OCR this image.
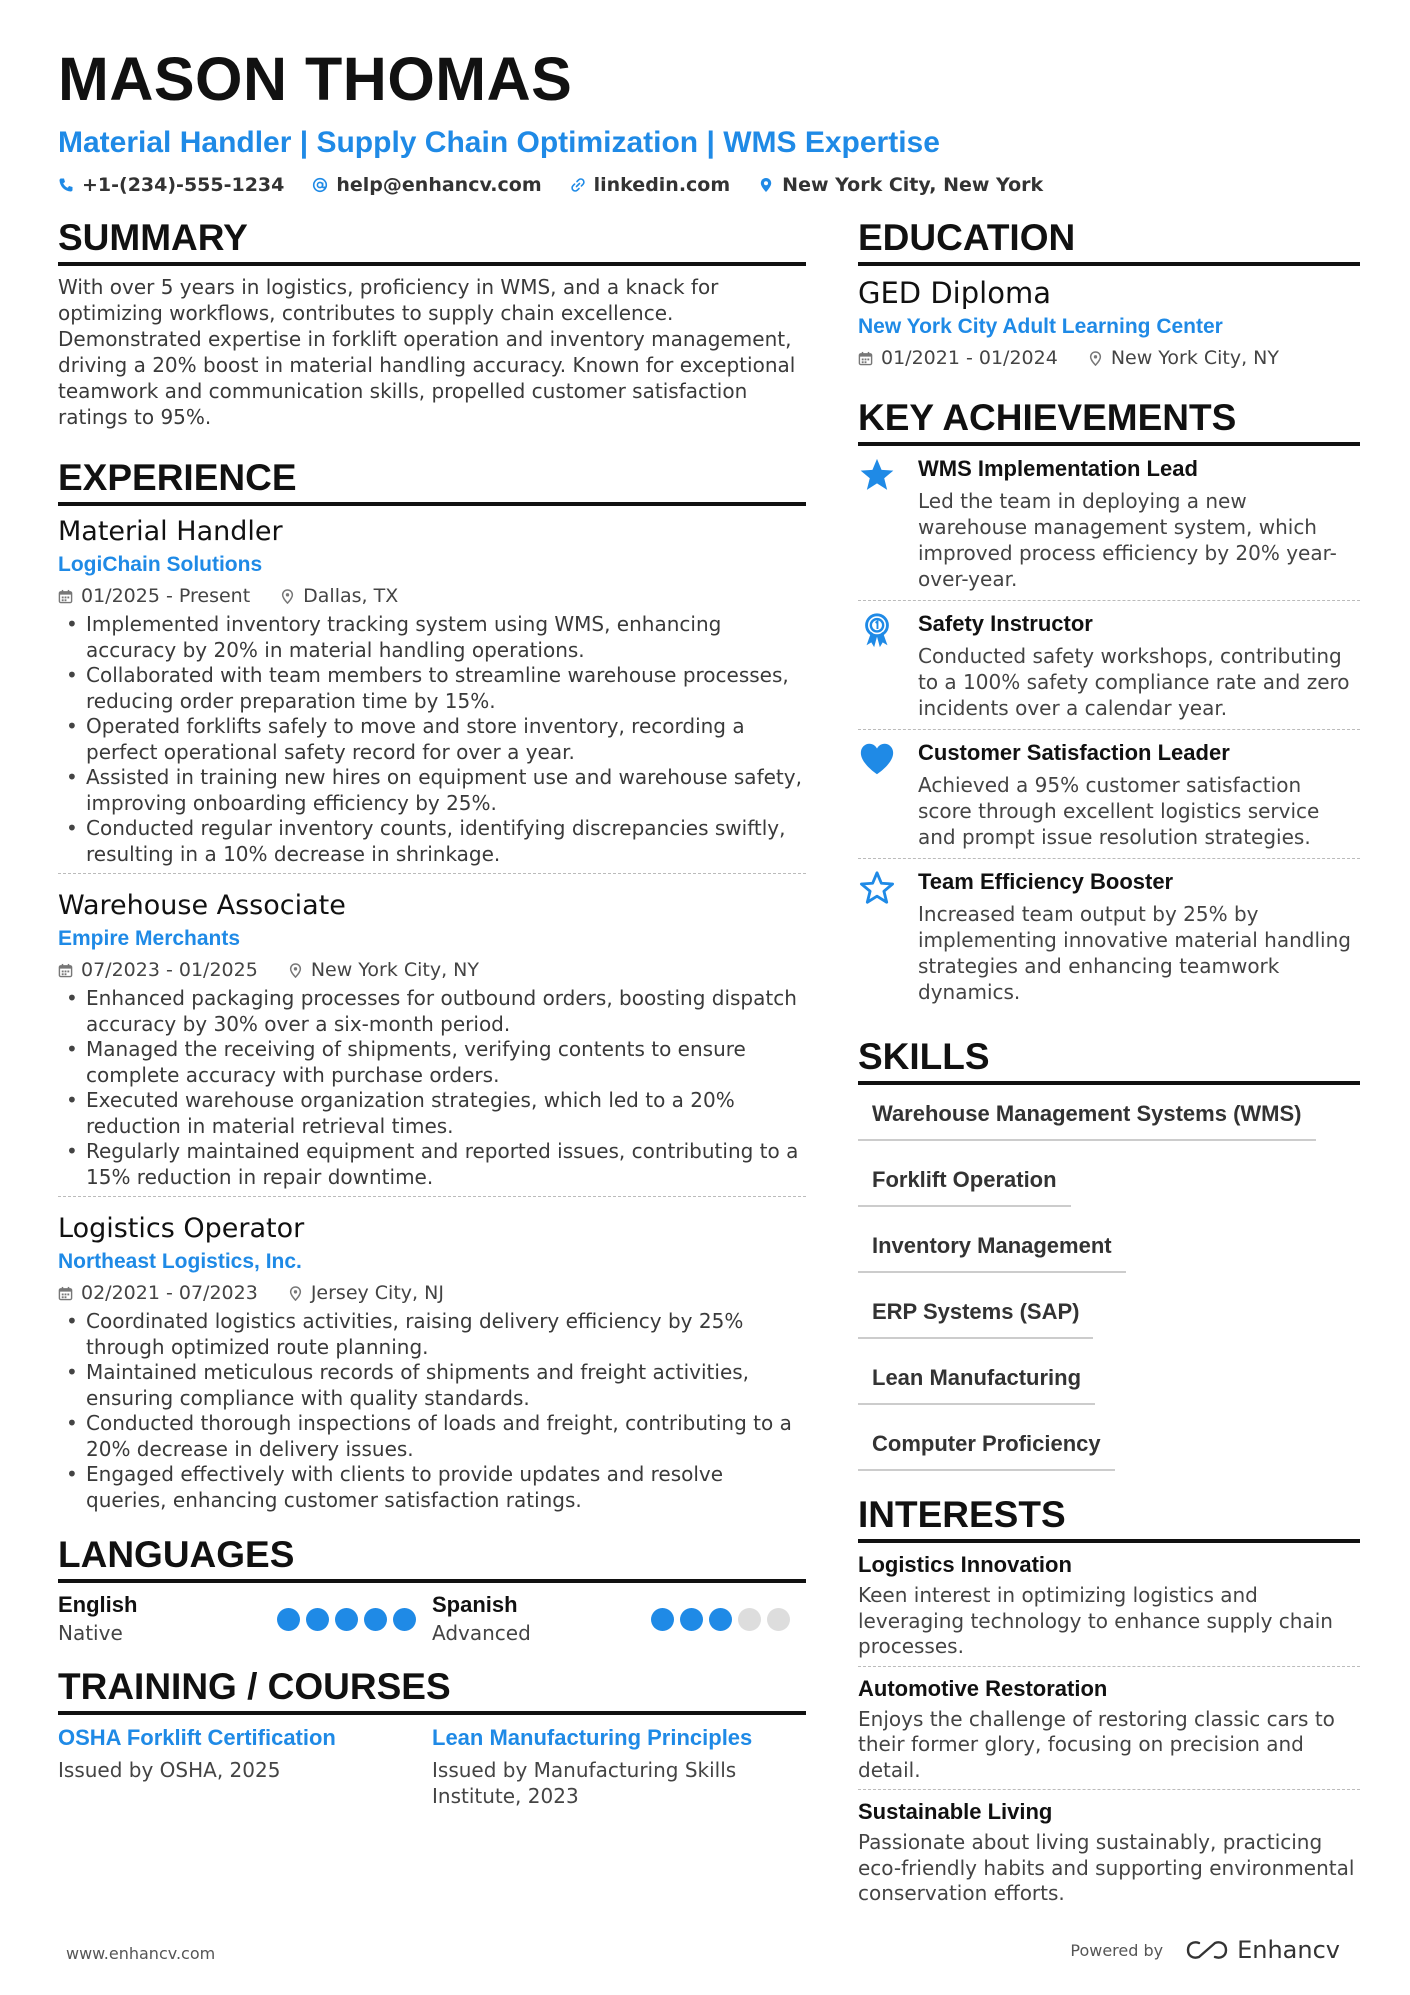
MASON THOMAS
Material Handler | Supply Chain Optimization | WMS Expertise
+1-(234)-555-1234	help@enhancv.com	linkedin.com	New York City, New York
SUMMARY

With over 5 years in logistics, proficiency in WMS, and a knack for optimizing workflows, contributes to supply chain excellence. Demonstrated expertise in forklift operation and inventory management, driving a 20% boost in material handling accuracy. Known for exceptional teamwork and communication skills, propelled customer satisfaction ratings to 95%.

EXPERIENCE
Material Handler
LogiChain Solutions
01/2025 - Present	Dallas, TX
• Implemented inventory tracking system using WMS, enhancing accuracy by 20% in material handling operations.
• Collaborated with team members to streamline warehouse processes, reducing order preparation time by 15%.
• Operated forklifts safely to move and store inventory, recording a perfect operational safety record for over a year.
• Assisted in training new hires on equipment use and warehouse safety, improving onboarding efficiency by 25%.
• Conducted regular inventory counts, identifying discrepancies swiftly, resulting in a 10% decrease in shrinkage.
Warehouse Associate
Empire Merchants
07/2023 - 01/2025	New York City, NY
• Enhanced packaging processes for outbound orders, boosting dispatch accuracy by 30% over a six-month period.
• Managed the receiving of shipments, verifying contents to ensure complete accuracy with purchase orders.
• Executed warehouse organization strategies, which led to a 20% reduction in material retrieval times.
• Regularly maintained equipment and reported issues, contributing to a 15% reduction in repair downtime.
Logistics Operator
Northeast Logistics, Inc.
02/2021 - 07/2023	Jersey City, NJ
• Coordinated logistics activities, raising delivery efficiency by 25% through optimized route planning.
• Maintained meticulous records of shipments and freight activities, ensuring compliance with quality standards.
• Conducted thorough inspections of loads and freight, contributing to a 20% decrease in delivery issues.
• Engaged effectively with clients to provide updates and resolve queries, enhancing customer satisfaction ratings.
LANGUAGES
English
Native
Spanish
Advanced
TRAINING / COURSES
OSHA Forklift Certification
Issued by OSHA, 2025
Lean Manufacturing Principles
Issued by Manufacturing Skills Institute, 2023
EDUCATION
GED Diploma
New York City Adult Learning Center
01/2021 - 01/2024	New York City, NY
KEY ACHIEVEMENTS
WMS Implementation Lead
Led the team in deploying a new warehouse management system, which improved process efficiency by 20% year-over-year.
Safety Instructor
Conducted safety workshops, contributing to a 100% safety compliance rate and zero incidents over a calendar year.
Customer Satisfaction Leader
Achieved a 95% customer satisfaction score through excellent logistics service and prompt issue resolution strategies.
Team Efficiency Booster
Increased team output by 25% by implementing innovative material handling strategies and enhancing teamwork dynamics.
SKILLS
Warehouse Management Systems (WMS)
Forklift Operation
Inventory Management
ERP Systems (SAP)
Lean Manufacturing
Computer Proficiency
INTERESTS
Logistics Innovation
Keen interest in optimizing logistics and leveraging technology to enhance supply chain processes.
Automotive Restoration
Enjoys the challenge of restoring classic cars to their former glory, focusing on precision and detail.
Sustainable Living
Passionate about living sustainably, practicing eco-friendly habits and supporting environmental conservation efforts.
www.enhancv.com	Powered by	Enhancv
